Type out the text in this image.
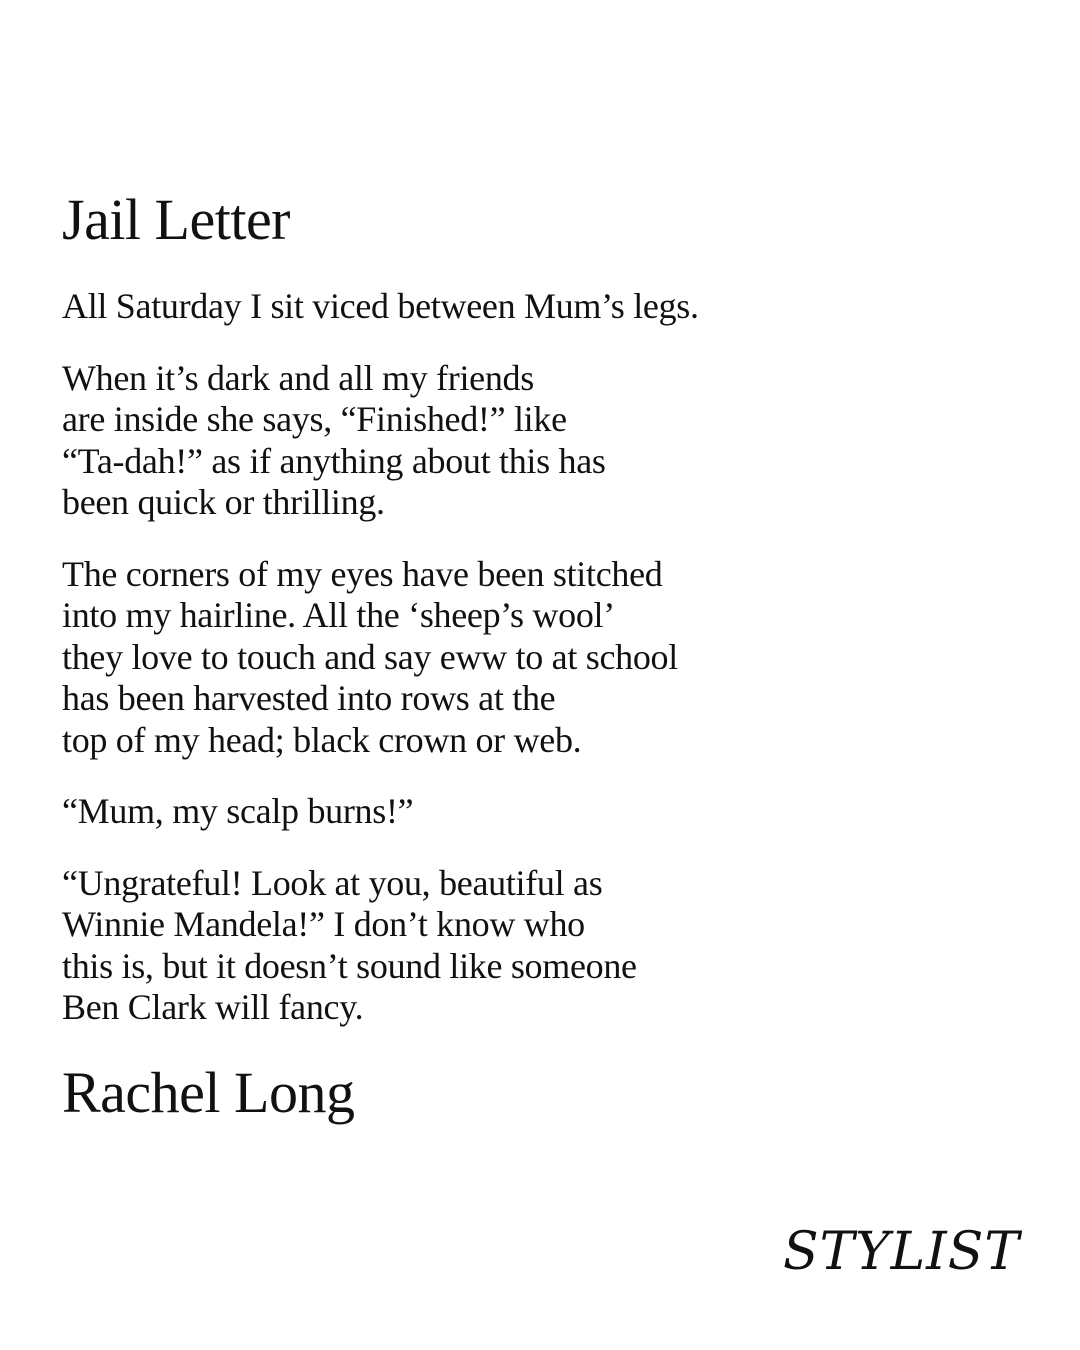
Jail Letter
All Saturday I sit viced between Mum’s legs.
When it’s dark and all my friends
are inside she says, “Finished!” like
“Ta-dah!” as if anything about this has
been quick or thrilling.
The corners of my eyes have been stitched
into my hairline. All the ‘sheep’s wool’
they love to touch and say eww to at school
has been harvested into rows at the
top of my head; black crown or web.
“Mum, my scalp burns!”
“Ungrateful! Look at you, beautiful as
Winnie Mandela!” I don’t know who
this is, but it doesn’t sound like someone
Ben Clark will fancy.
Rachel Long
STYLIST
